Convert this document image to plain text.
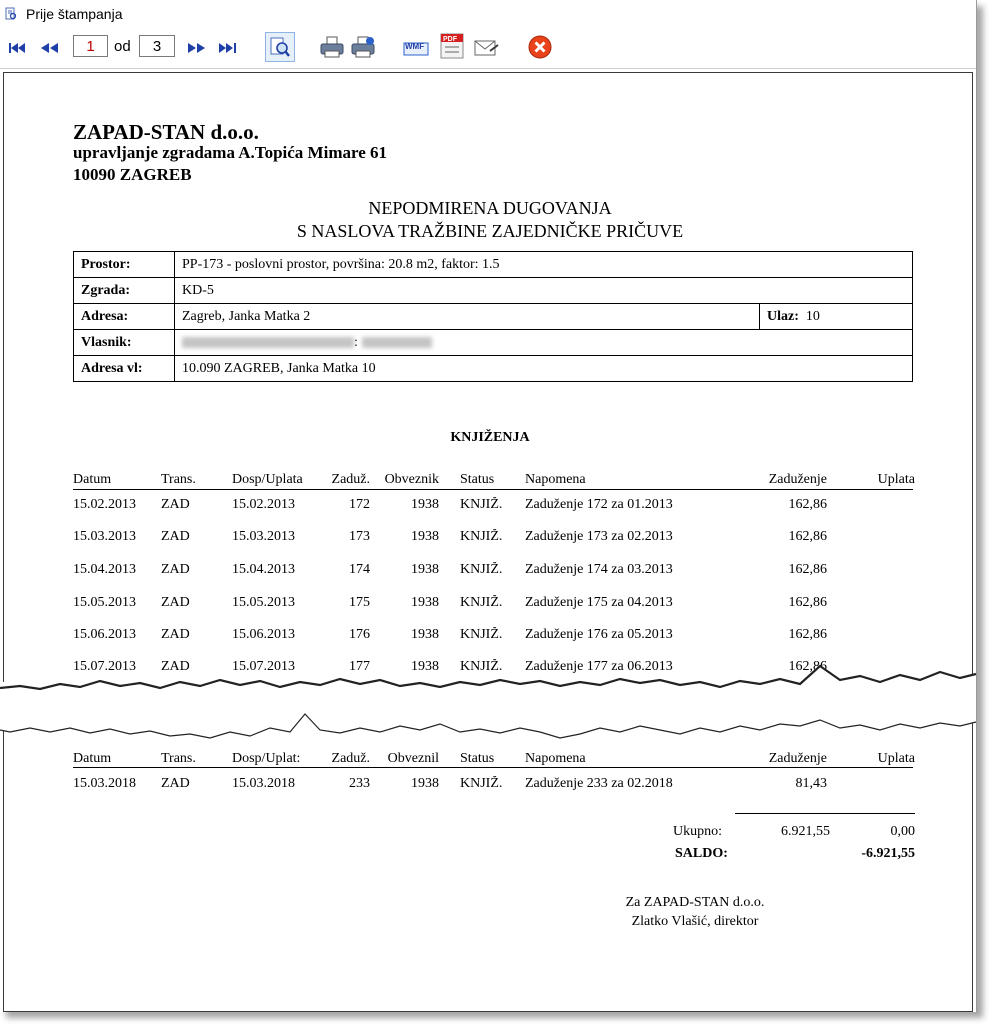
Prije štampanja
1	od	3	WMF
PDF
ZAPAD-STAN d.o.o.
upravljanje zgradama A.Topića Mimare 61
10090 ZAGREB
NEPODMIRENA DUGOVANJA
S NASLOVA TRAŽBINE ZAJEDNIČKE PRIČUVE
Prostor:	PP-173 - poslovni prostor, površina: 20.8 m2, faktor: 1.5	
Zgrada:	KD-5	
Adresa:	Zagreb, Janka Matka 2	Ulaz: 10
Vlasnik:	:	
Adresa vl:	10.090 ZAGREB, Janka Matka 10	
KNJIŽENJA
Datum	Trans.	Dosp/Uplata	Zaduž.	Obveznik Status	Napomena	Zaduženje	Uplata
15.02.2013	ZAD	15.02.2013	172	1938 KNJIŽ.	Zaduženje 172 za 01.2013	162,86
15.03.2013	ZAD	15.03.2013	173	1938 KNJIŽ.	Zaduženje 173 za 02.2013	162,86
15.04.2013	ZAD	15.04.2013	174	1938 KNJIŽ.	Zaduženje 174 za 03.2013	162,86
15.05.2013	ZAD	15.05.2013	175	1938 KNJIŽ.	Zaduženje 175 za 04.2013	162,86
15.06.2013	ZAD	15.06.2013	176	1938 KNJIŽ.	Zaduženje 176 za 05.2013	162,86
15.07.2013	ZAD	15.07.2013	177	1938 KNJIŽ.	Zaduženje 177 za 06.2013	162,86
Datum	Trans.	Dosp/Uplat:	Zaduž.	Obveznil Status	Napomena	Zaduženje	Uplata
15.03.2018	ZAD	15.03.2018	233	1938 KNJIŽ.	Zaduženje 233 za 02.2018	81,43
Ukupno:	6.921,55	0,00
SALDO:	-6.921,55
Za ZAPAD-STAN d.o.o.
Zlatko Vlašić, direktor
